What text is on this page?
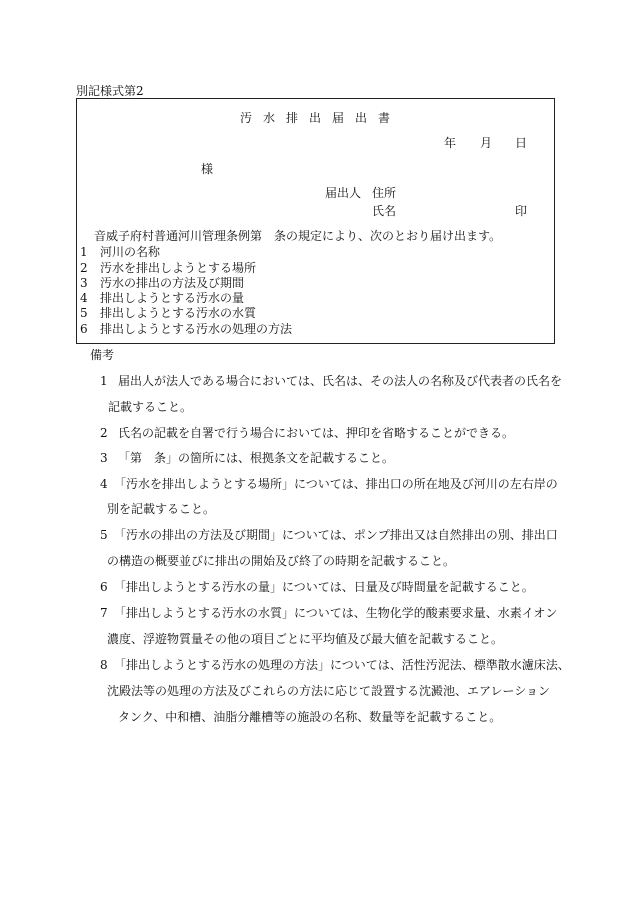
別記様式第2
汚水排出届出書
年 月 日
様
届出人 住所
氏名	印
音威子府村普通河川管理条例第　条の規定により、次のとおり届け出ます。
1 河川の名称
2 汚水を排出しようとする場所
3 汚水の排出の方法及び期間
4 排出しようとする汚水の量
5 排出しようとする汚水の水質
6 排出しようとする汚水の処理の方法
備考
1 届出人が法人である場合においては、氏名は、その法人の名称及び代表者の氏名を
記載すること。
2 氏名の記載を自署で行う場合においては、押印を省略することができる。
3 「第　条」の箇所には、根拠条文を記載すること。
4 「汚水を排出しようとする場所」については、排出口の所在地及び河川の左右岸の
別を記載すること。
5 「汚水の排出の方法及び期間」については、ポンプ排出又は自然排出の別、排出口
の構造の概要並びに排出の開始及び終了の時期を記載すること。
6 「排出しようとする汚水の量」については、日量及び時間量を記載すること。
7 「排出しようとする汚水の水質」については、生物化学的酸素要求量、水素イオン
濃度、浮遊物質量その他の項目ごとに平均値及び最大値を記載すること。
8 「排出しようとする汚水の処理の方法」については、活性汚泥法、標準散水濾床法、
沈殿法等の処理の方法及びこれらの方法に応じて設置する沈澱池、エアレーション
タンク、中和槽、油脂分離槽等の施設の名称、数量等を記載すること。
